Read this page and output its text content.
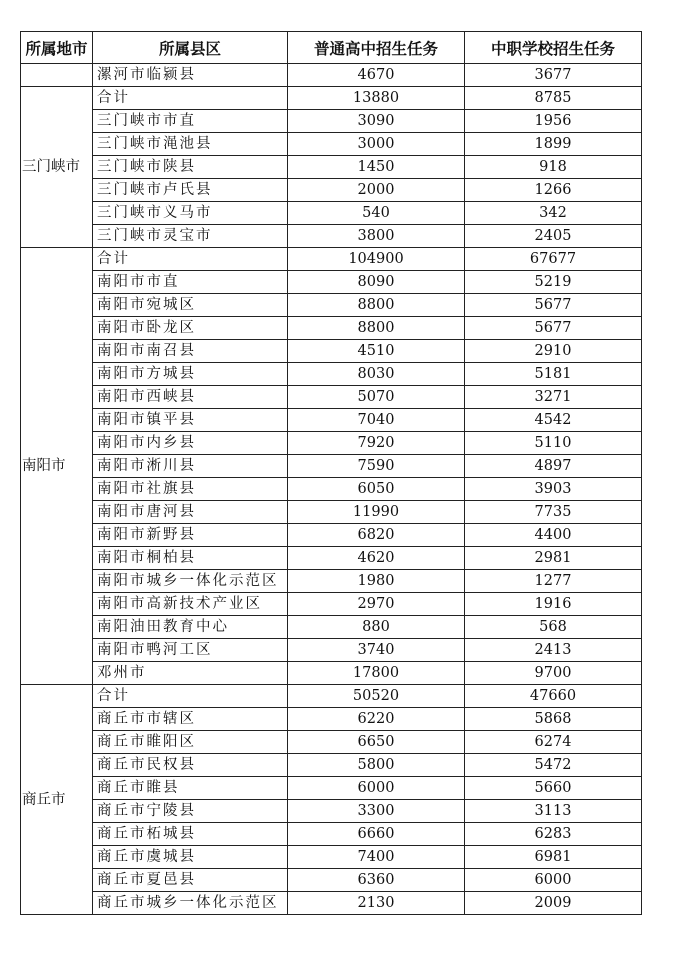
所属地市	所属县区	普通高中招生任务	中职学校招生任务
	漯河市临颍县	4670	3677
三门峡市	合计	13880	8785
	三门峡市市直	3090	1956
	三门峡市渑池县	3000	1899
	三门峡市陕县	1450	918
	三门峡市卢氏县	2000	1266
	三门峡市义马市	540	342
	三门峡市灵宝市	3800	2405
南阳市	合计	104900	67677
	南阳市市直	8090	5219
	南阳市宛城区	8800	5677
	南阳市卧龙区	8800	5677
	南阳市南召县	4510	2910
	南阳市方城县	8030	5181
	南阳市西峡县	5070	3271
	南阳市镇平县	7040	4542
	南阳市内乡县	7920	5110
	南阳市淅川县	7590	4897
	南阳市社旗县	6050	3903
	南阳市唐河县	11990	7735
	南阳市新野县	6820	4400
	南阳市桐柏县	4620	2981
	南阳市城乡一体化示范区	1980	1277
	南阳市高新技术产业区	2970	1916
	南阳油田教育中心	880	568
	南阳市鸭河工区	3740	2413
	邓州市	17800	9700
商丘市	合计	50520	47660
	商丘市市辖区	6220	5868
	商丘市睢阳区	6650	6274
	商丘市民权县	5800	5472
	商丘市睢县	6000	5660
	商丘市宁陵县	3300	3113
	商丘市柘城县	6660	6283
	商丘市虞城县	7400	6981
	商丘市夏邑县	6360	6000
	商丘市城乡一体化示范区	2130	2009
